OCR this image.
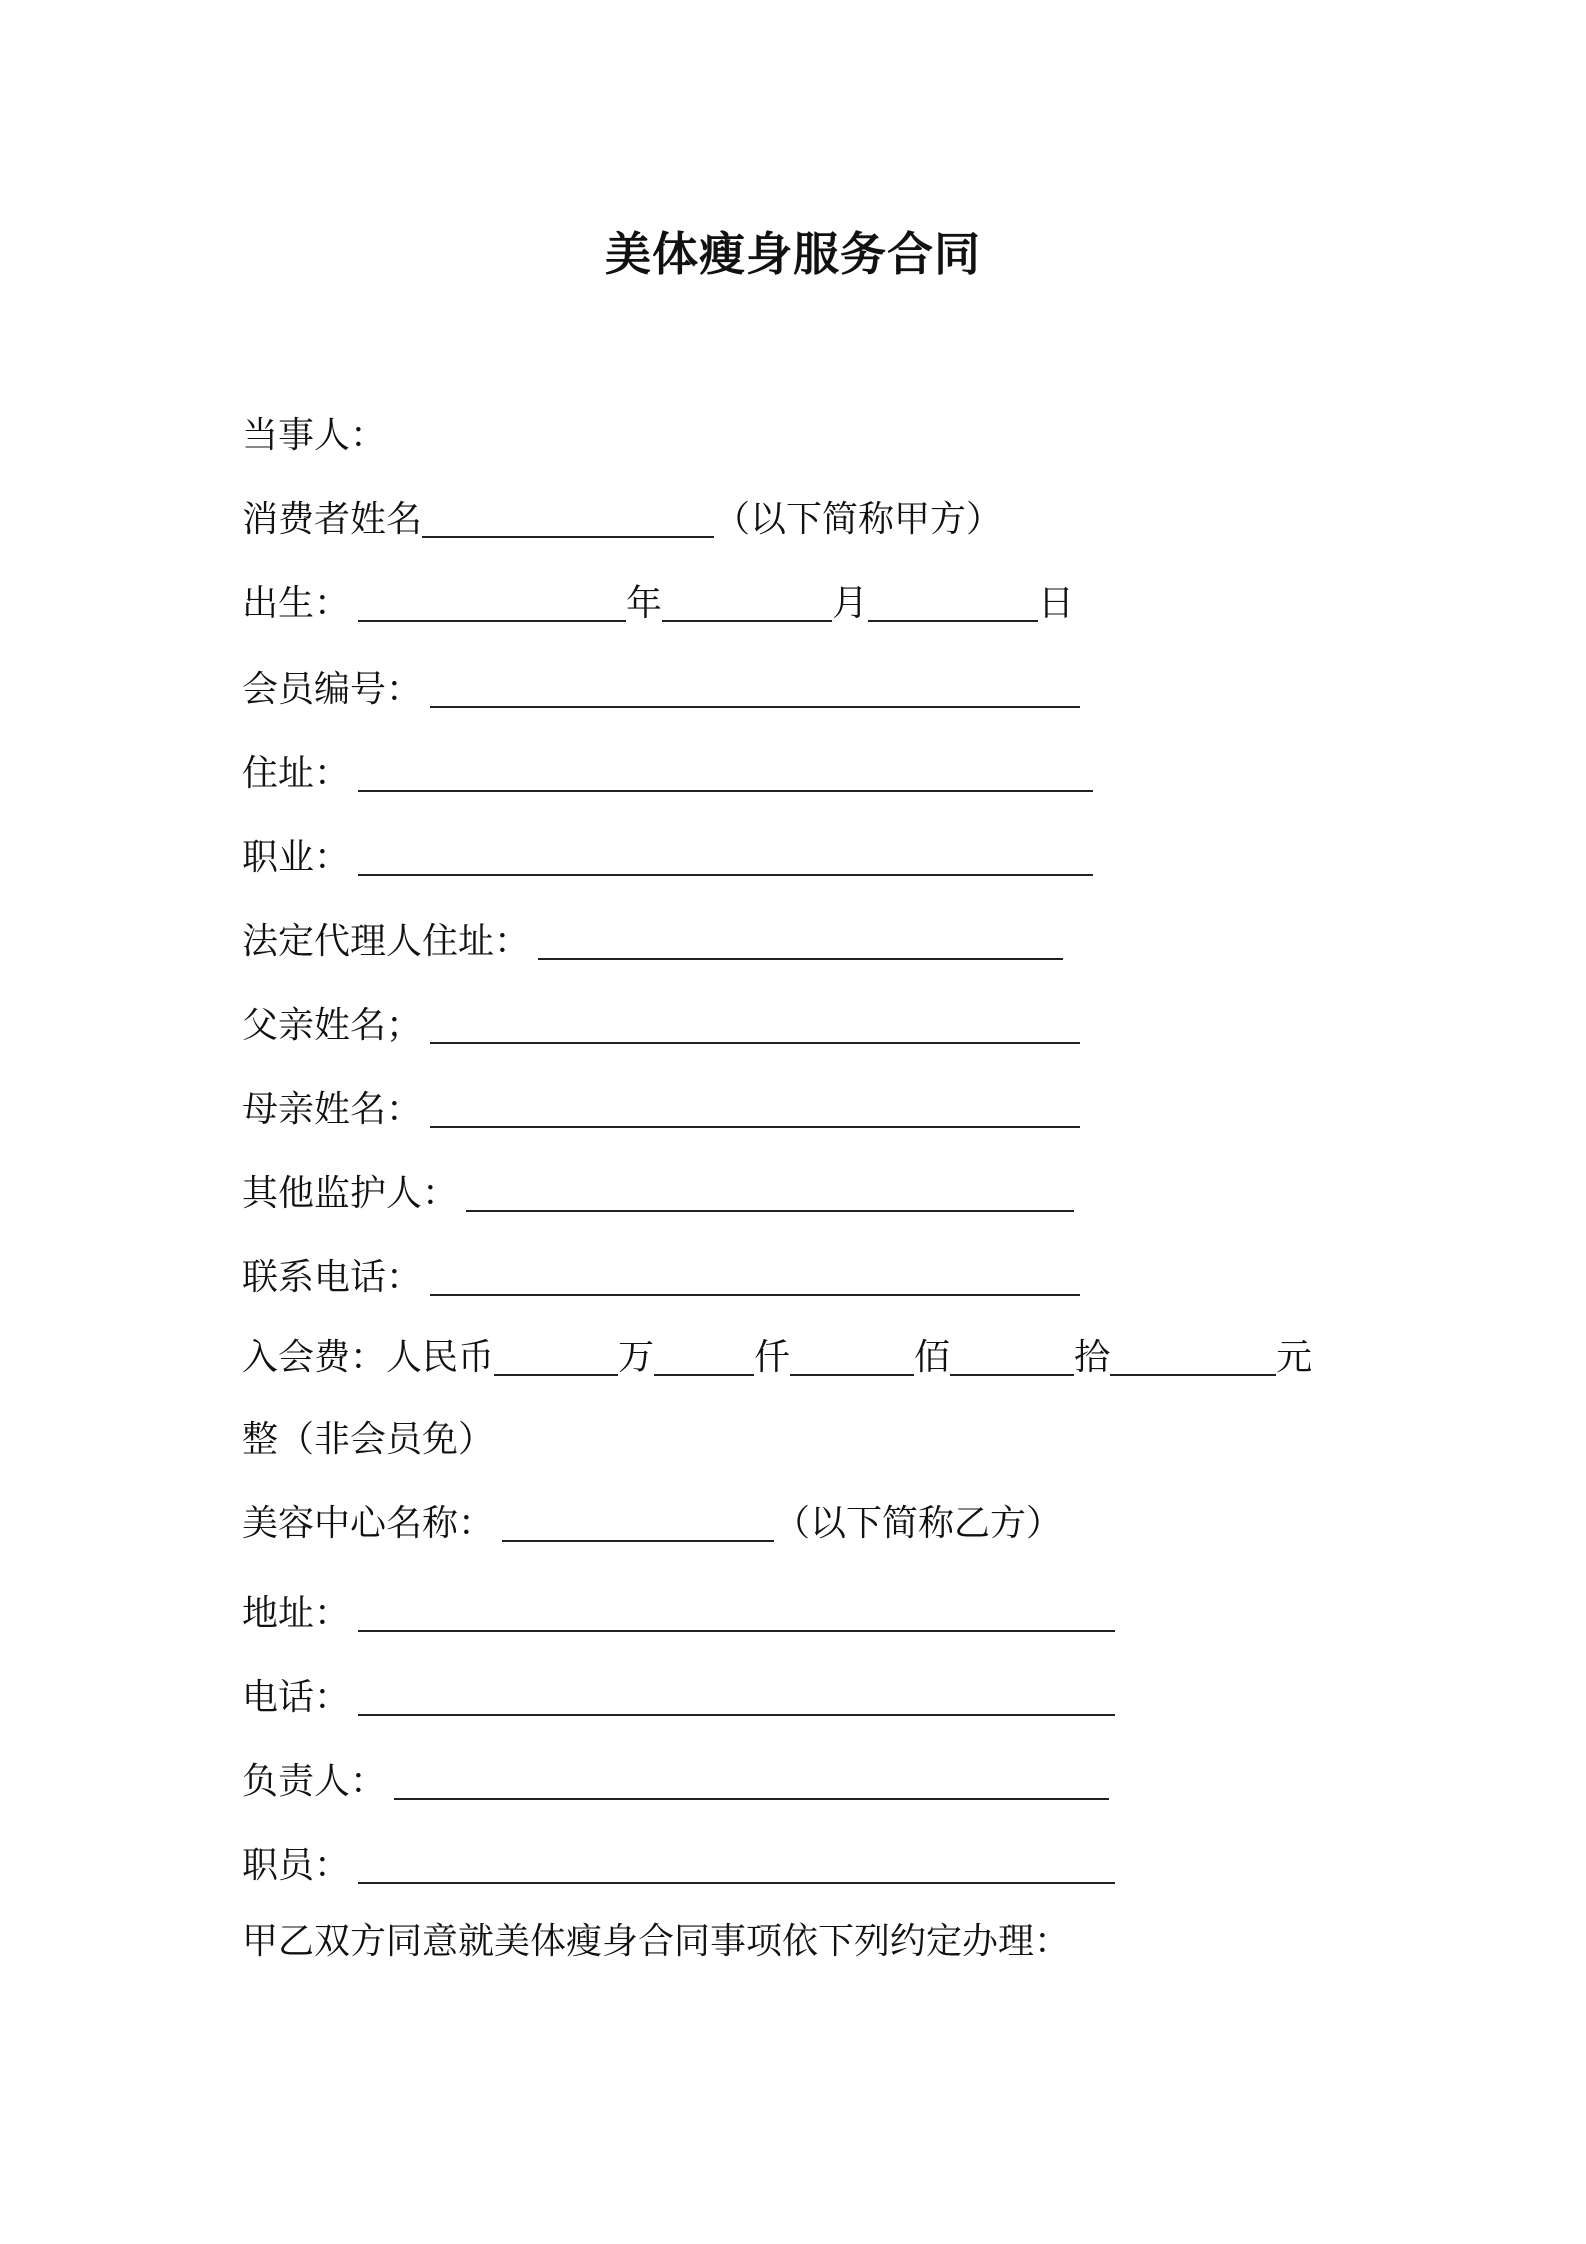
美体瘦身服务合同
当事人：
消费者姓名	（以下简称甲方）
出生：	年	月	日
会员编号：
住址：
职业：
法定代理人住址：
父亲姓名；
母亲姓名：
其他监护人：
联系电话：
入会费：人民币	万	仟	佰	拾	元
整（非会员免）
美容中心名称：	（以下简称乙方）
地址：
电话：
负责人：
职员：
甲乙双方同意就美体瘦身合同事项依下列约定办理：
